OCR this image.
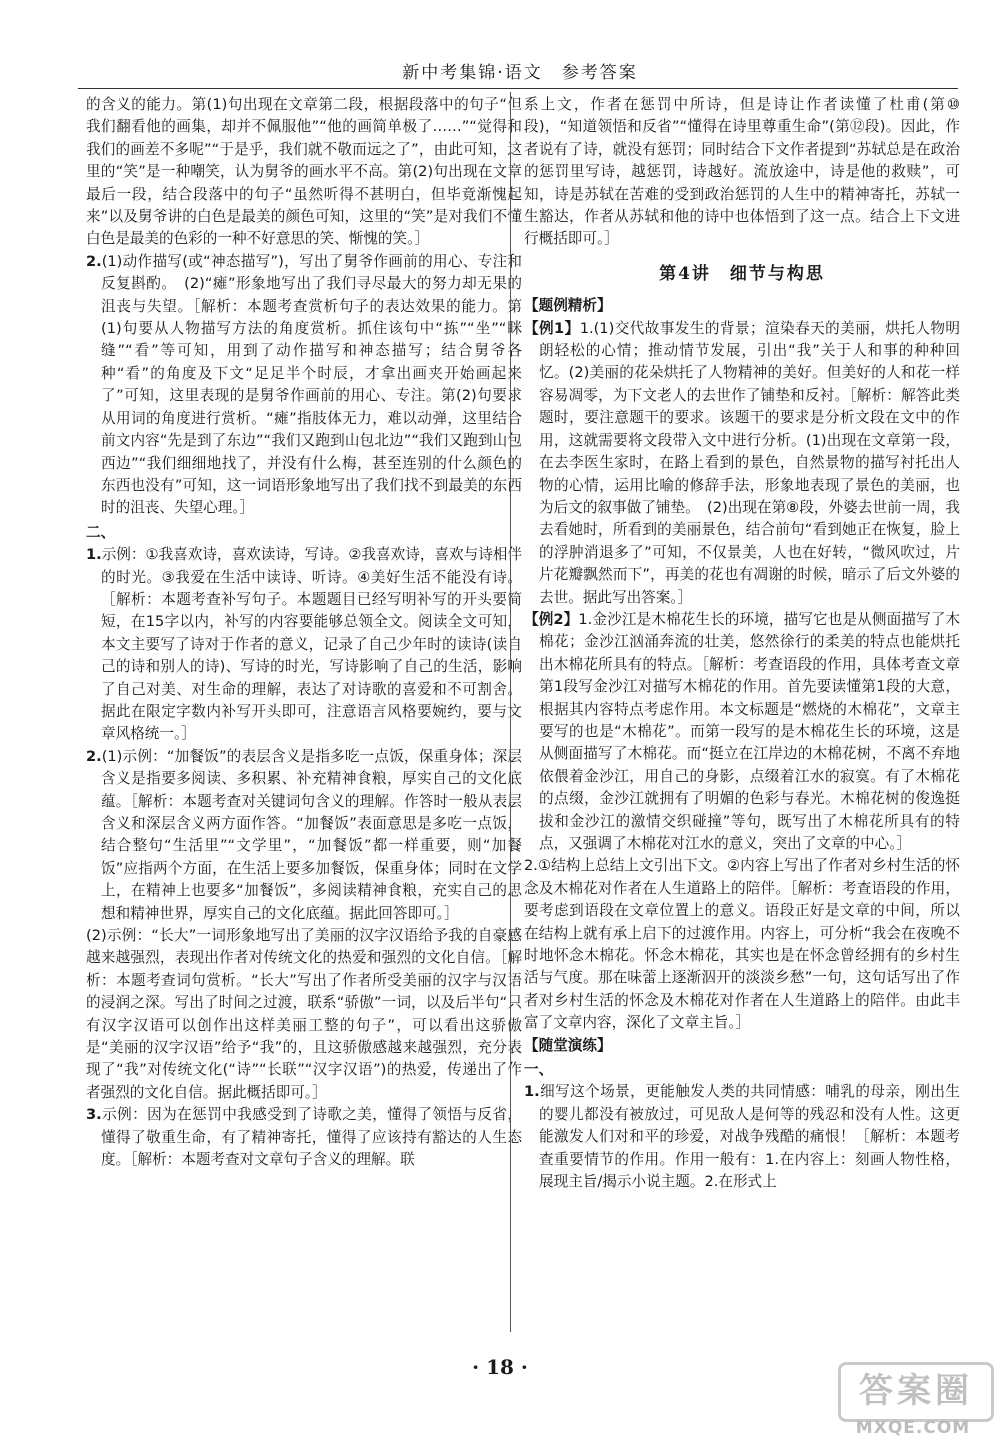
新中考集锦·语文　参考答案

的含义的能力。第(1)句出现在文章第二段，根据段落中的句子“但我们翻看他的画集，却并不佩服他”“他的画简单极了……”“觉得和我们的画差不多呢”“于是乎，我们就不敬而远之了”，由此可知，这里的“笑”是一种嘲笑，认为舅爷的画水平不高。第(2)句出现在文章最后一段，结合段落中的句子“虽然听得不甚明白，但毕竟渐愧起来”以及舅爷讲的白色是最美的颜色可知，这里的“笑”是对我们不懂白色是最美的色彩的一种不好意思的笑、惭愧的笑。］

2.(1)动作描写(或“神态描写”)，写出了舅爷作画前的用心、专注和反复斟酌。　(2)“瘫”形象地写出了我们寻尽最大的努力却无果的沮丧与失望。［解析：本题考查赏析句子的表达效果的能力。第(1)句要从人物描写方法的角度赏析。抓住该句中“拣”“坐”“眯缝”“看”等可知，用到了动作描写和神态描写；结合舅爷各种“看”的角度及下文“足足半个时辰，才拿出画夹开始画起来了”可知，这里表现的是舅爷作画前的用心、专注。第(2)句要求从用词的角度进行赏析。“瘫”指肢体无力，难以动弹，这里结合前文内容“先是到了东边”“我们又跑到山包北边”“我们又跑到山包西边”“我们细细地找了，并没有什么梅，甚至连别的什么颜色的东西也没有”可知，这一词语形象地写出了我们找不到最美的东西时的沮丧、失望心理。］

二、

1.示例：①我喜欢诗，喜欢读诗，写诗。②我喜欢诗，喜欢与诗相伴的时光。③我爱在生活中读诗、听诗。④美好生活不能没有诗。［解析：本题考查补写句子。本题题目已经写明补写的开头要简短，在15字以内，补写的内容要能够总领全文。阅读全文可知，本文主要写了诗对于作者的意义，记录了自己少年时的读诗(读自己的诗和别人的诗)、写诗的时光，写诗影响了自己的生活，影响了自己对美、对生命的理解，表达了对诗歌的喜爱和不可割舍。据此在限定字数内补写开头即可，注意语言风格要婉约，要与文章风格统一。］

2.(1)示例：“加餐饭”的表层含义是指多吃一点饭，保重身体；深层含义是指要多阅读、多积累、补充精神食粮，厚实自己的文化底蕴。［解析：本题考查对关键词句含义的理解。作答时一般从表层含义和深层含义两方面作答。“加餐饭”表面意思是多吃一点饭，结合整句“生活里”“文学里”，“加餐饭”都一样重要，则“加餐饭”应指两个方面，在生活上要多加餐饭，保重身体；同时在文学上，在精神上也要多“加餐饭”，多阅读精神食粮，充实自己的思想和精神世界，厚实自己的文化底蕴。据此回答即可。］

(2)示例：“长大”一词形象地写出了美丽的汉字汉语给予我的自豪感越来越强烈，表现出作者对传统文化的热爱和强烈的文化自信。［解析：本题考查词句赏析。“长大”写出了作者所受美丽的汉字与汉语的浸润之深。写出了时间之过渡，联系“骄傲”一词，以及后半句“只有汉字汉语可以创作出这样美丽工整的句子”，可以看出这骄傲是“美丽的汉字汉语”给予“我”的，且这骄傲感越来越强烈，充分表现了“我”对传统文化(“诗”“长联”“汉字汉语”)的热爱，传递出了作者强烈的文化自信。据此概括即可。］

3.示例：因为在惩罚中我感受到了诗歌之美，懂得了领悟与反省，懂得了敬重生命，有了精神寄托，懂得了应该持有豁达的人生态度。［解析：本题考查对文章句子含义的理解。联

系上文，作者在惩罚中所诗，但是诗让作者读懂了杜甫(第⑩段)，“知道领悟和反省”“懂得在诗里尊重生命”(第⑫段)。因此，作者说有了诗，就没有惩罚；同时结合下文作者提到“苏轼总是在政治的惩罚里写诗，越惩罚，诗越好。流放途中，诗是他的救赎”，可知，诗是苏轼在苦难的受到政治惩罚的人生中的精神寄托，苏轼一生豁达，作者从苏轼和他的诗中也体悟到了这一点。结合上下文进行概括即可。］

第4讲　细节与构思

【题例精析】

【例1】1.(1)交代故事发生的背景；渲染春天的美丽，烘托人物明朗轻松的心情；推动情节发展，引出“我”关于人和事的种种回忆。(2)美丽的花朵烘托了人物精神的美好。但美好的人和花一样容易凋零，为下文老人的去世作了铺垫和反衬。［解析：解答此类题时，要注意题干的要求。该题干的要求是分析文段在文中的作用，这就需要将文段带入文中进行分析。(1)出现在文章第一段，在去李医生家时，在路上看到的景色，自然景物的描写衬托出人物的心情，运用比喻的修辞手法，形象地表现了景色的美丽，也为后文的叙事做了铺垫。　(2)出现在第⑧段，外婆去世前一周，我去看她时，所看到的美丽景色，结合前句“看到她正在恢复，脸上的浮肿消退多了”可知，不仅景美，人也在好转，“微风吹过，片片花瓣飘然而下”，再美的花也有凋谢的时候，暗示了后文外婆的去世。据此写出答案。］

【例2】1.金沙江是木棉花生长的环境，描写它也是从侧面描写了木棉花；金沙江汹涌奔流的壮美，悠然徐行的柔美的特点也能烘托出木棉花所具有的特点。［解析：考查语段的作用，具体考查文章第1段写金沙江对描写木棉花的作用。首先要读懂第1段的大意，根据其内容特点考虑作用。本文标题是“燃烧的木棉花”，文章主要写的也是“木棉花”。而第一段写的是木棉花生长的环境，这是从侧面描写了木棉花。而“挺立在江岸边的木棉花树，不离不弃地依偎着金沙江，用自己的身影，点缀着江水的寂寞。有了木棉花的点缀，金沙江就拥有了明媚的色彩与春光。木棉花树的俊逸挺拔和金沙江的激情交织碰撞”等句，既写出了木棉花所具有的特点，又强调了木棉花对江水的意义，突出了文章的中心。］

2.①结构上总结上文引出下文。②内容上写出了作者对乡村生活的怀念及木棉花对作者在人生道路上的陪伴。［解析：考查语段的作用，要考虑到语段在文章位置上的意义。语段正好是文章的中间，所以在结构上就有承上启下的过渡作用。内容上，可分析“我会在夜晚不时地怀念木棉花。怀念木棉花，其实也是在怀念曾经拥有的乡村生活与气度。那在味蕾上逐渐泅开的淡淡乡愁”一句，这句话写出了作者对乡村生活的怀念及木棉花对作者在人生道路上的陪伴。由此丰富了文章内容，深化了文章主旨。］

【随堂演练】

一、

1.细写这个场景，更能触发人类的共同情感：哺乳的母亲，刚出生的婴儿都没有被放过，可见敌人是何等的残忍和没有人性。这更能激发人们对和平的珍爱，对战争残酷的痛恨！［解析：本题考查重要情节的作用。作用一般有：1.在内容上：刻画人物性格，展现主旨/揭示小说主题。2.在形式上

· 18 ·
答案圈
MXQE.COM
